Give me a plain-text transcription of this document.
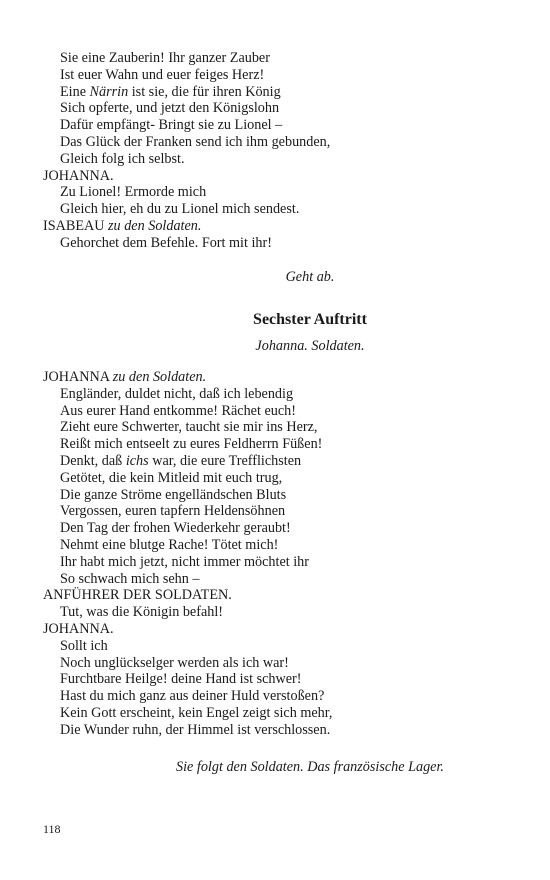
Sie eine Zauberin! Ihr ganzer Zauber
Ist euer Wahn und euer feiges Herz!
Eine Närrin ist sie, die für ihren König
Sich opferte, und jetzt den Königslohn
Dafür empfängt- Bringt sie zu Lionel –
Das Glück der Franken send ich ihm gebunden,
Gleich folg ich selbst.
JOHANNA.
Zu Lionel! Ermorde mich
Gleich hier, eh du zu Lionel mich sendest.
ISABEAU zu den Soldaten.
Gehorchet dem Befehle. Fort mit ihr!
Geht ab.
Sechster Auftritt
Johanna. Soldaten.
JOHANNA zu den Soldaten.
Engländer, duldet nicht, daß ich lebendig
Aus eurer Hand entkomme! Rächet euch!
Zieht eure Schwerter, taucht sie mir ins Herz,
Reißt mich entseelt zu eures Feldherrn Füßen!
Denkt, daß ichs war, die eure Trefflichsten
Getötet, die kein Mitleid mit euch trug,
Die ganze Ströme engelländschen Bluts
Vergossen, euren tapfern Heldensöhnen
Den Tag der frohen Wiederkehr geraubt!
Nehmt eine blutge Rache! Tötet mich!
Ihr habt mich jetzt, nicht immer möchtet ihr
So schwach mich sehn –
ANFÜHRER DER SOLDATEN.
Tut, was die Königin befahl!
JOHANNA.
Sollt ich
Noch unglückselger werden als ich war!
Furchtbare Heilge! deine Hand ist schwer!
Hast du mich ganz aus deiner Huld verstoßen?
Kein Gott erscheint, kein Engel zeigt sich mehr,
Die Wunder ruhn, der Himmel ist verschlossen.
Sie folgt den Soldaten. Das französische Lager.
118
